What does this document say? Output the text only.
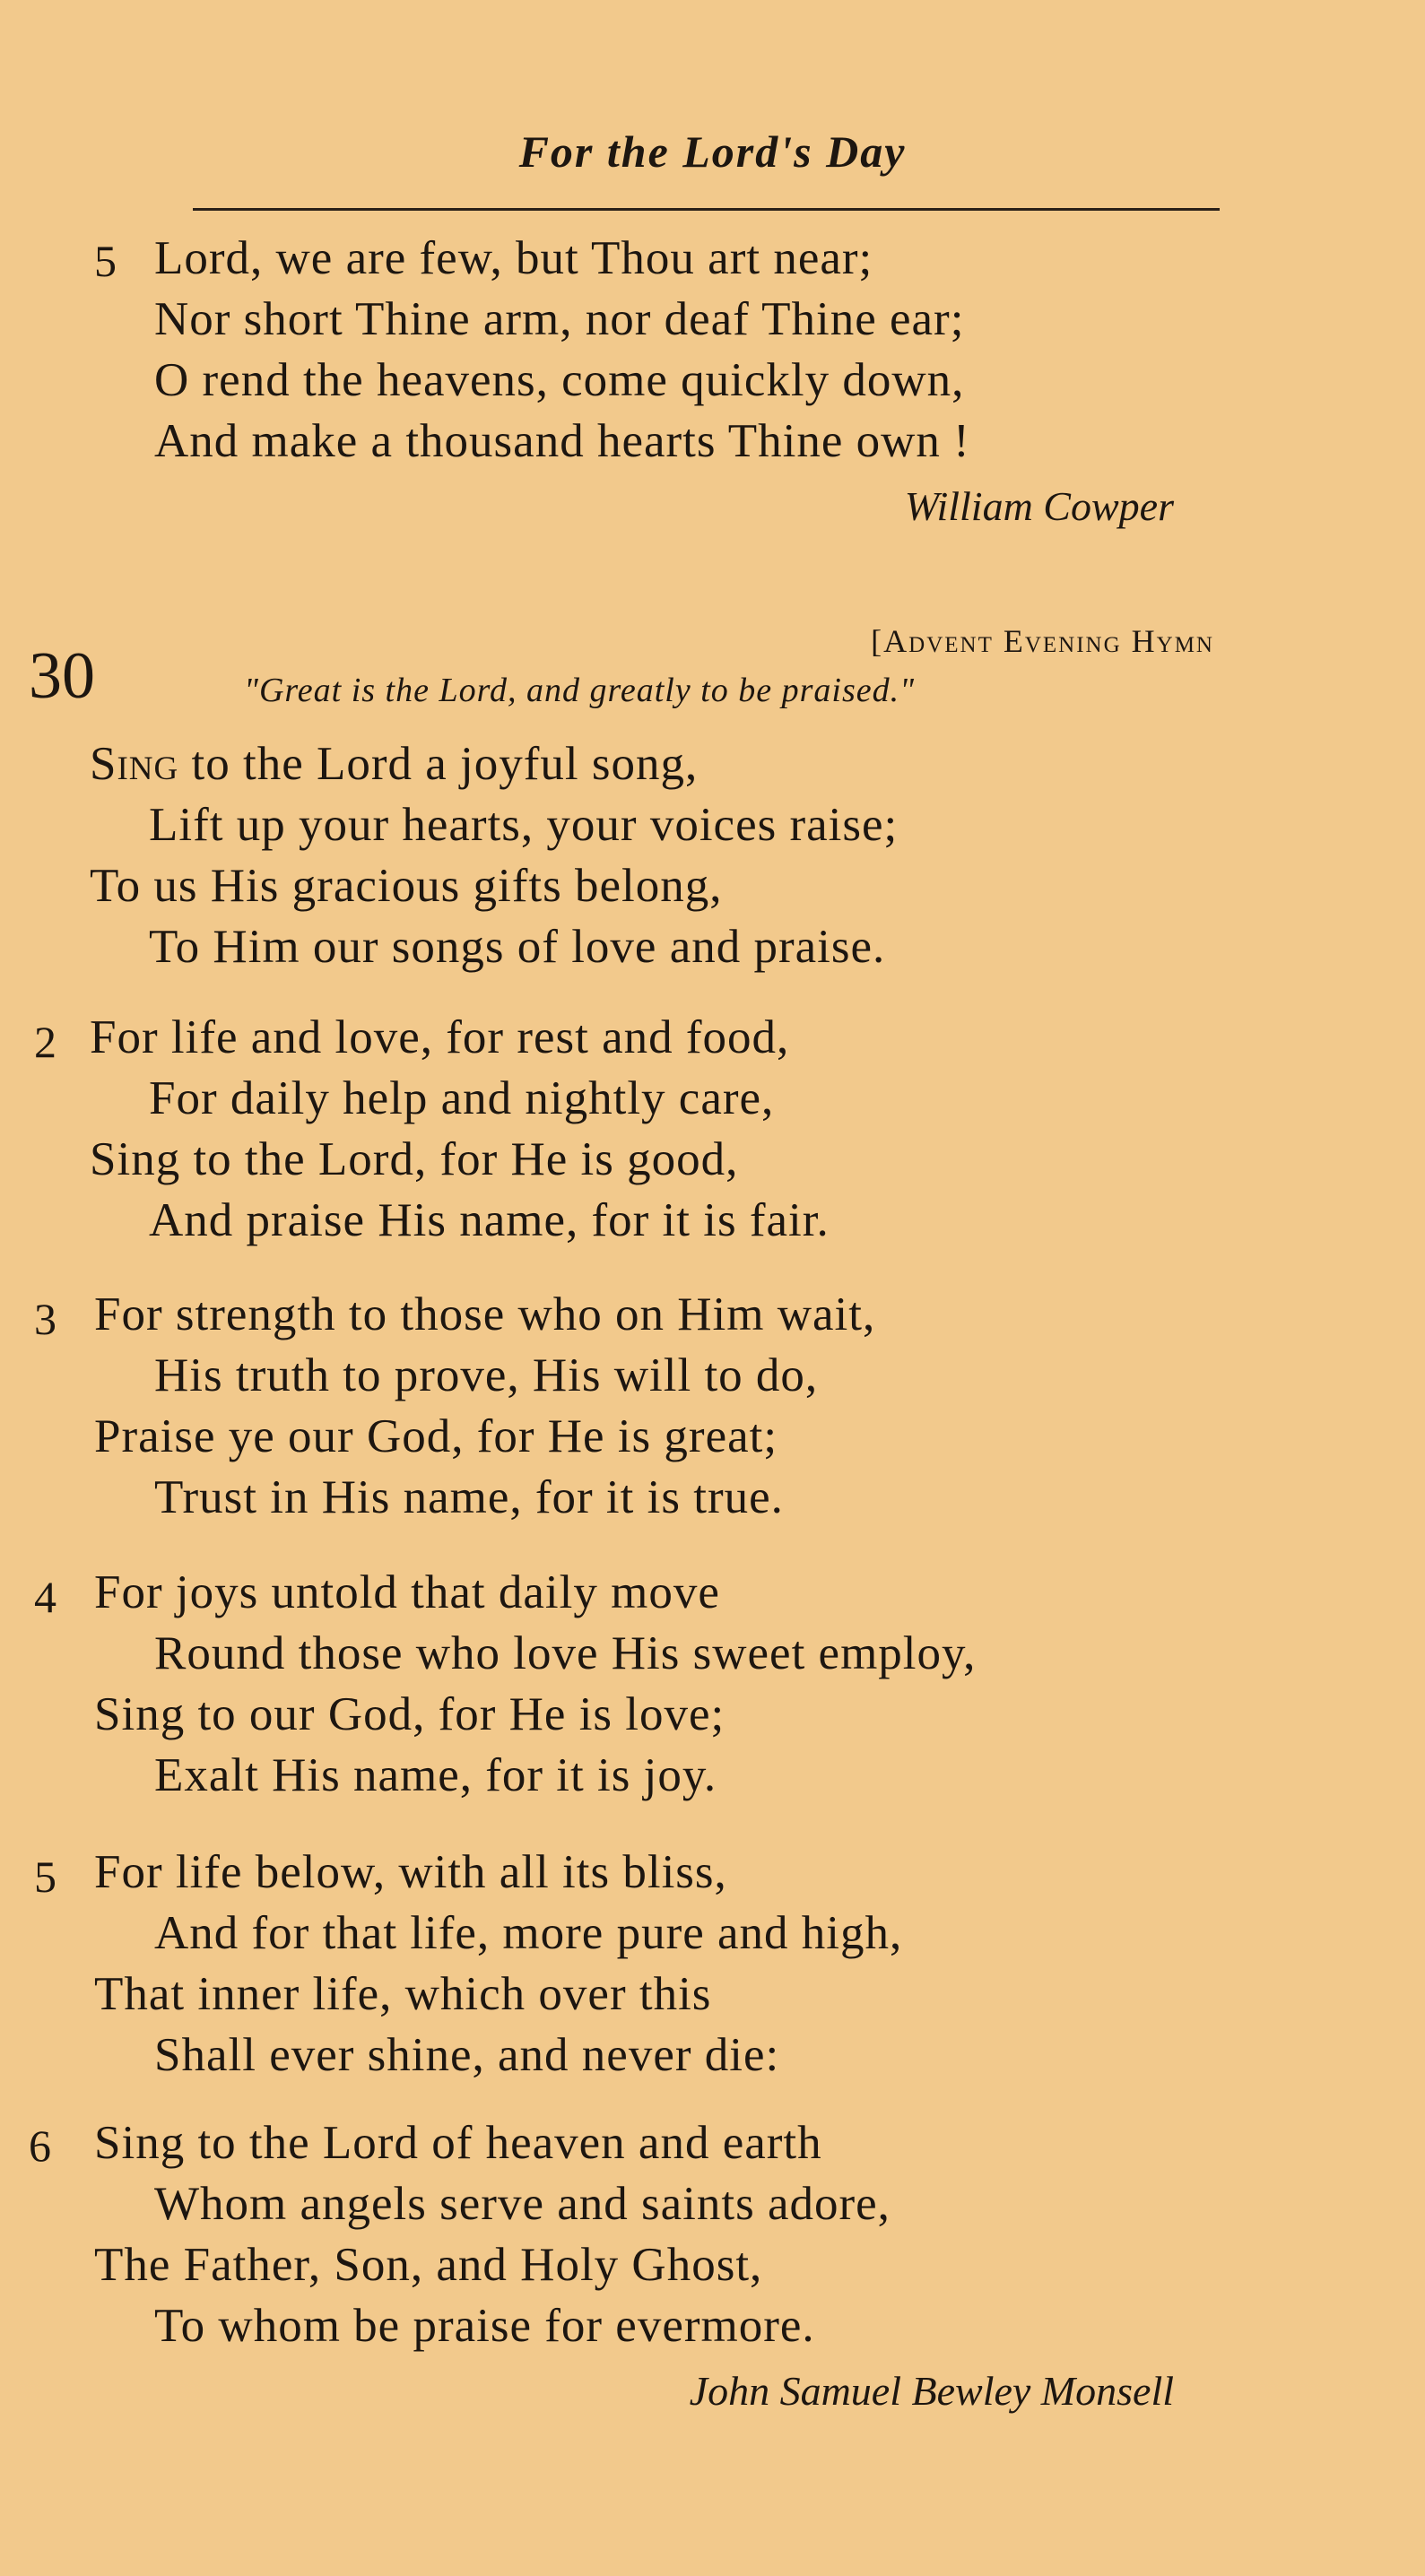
For the Lord's Day
5 Lord, we are few, but Thou art near;
Nor short Thine arm, nor deaf Thine ear;
O rend the heavens, come quickly down,
And make a thousand hearts Thine own !
William Cowper
[Advent Evening Hymn
30	"Great is the Lord, and greatly to be praised."
Sing to the Lord a joyful song,
Lift up your hearts, your voices raise;
To us His gracious gifts belong,
To Him our songs of love and praise.
2 For life and love, for rest and food,
For daily help and nightly care,
Sing to the Lord, for He is good,
And praise His name, for it is fair.
3 For strength to those who on Him wait,
His truth to prove, His will to do,
Praise ye our God, for He is great;
Trust in His name, for it is true.
4 For joys untold that daily move
Round those who love His sweet employ,
Sing to our God, for He is love;
Exalt His name, for it is joy.
5 For life below, with all its bliss,
And for that life, more pure and high,
That inner life, which over this
Shall ever shine, and never die:
6 Sing to the Lord of heaven and earth
Whom angels serve and saints adore,
The Father, Son, and Holy Ghost,
To whom be praise for evermore.
John Samuel Bewley Monsell
